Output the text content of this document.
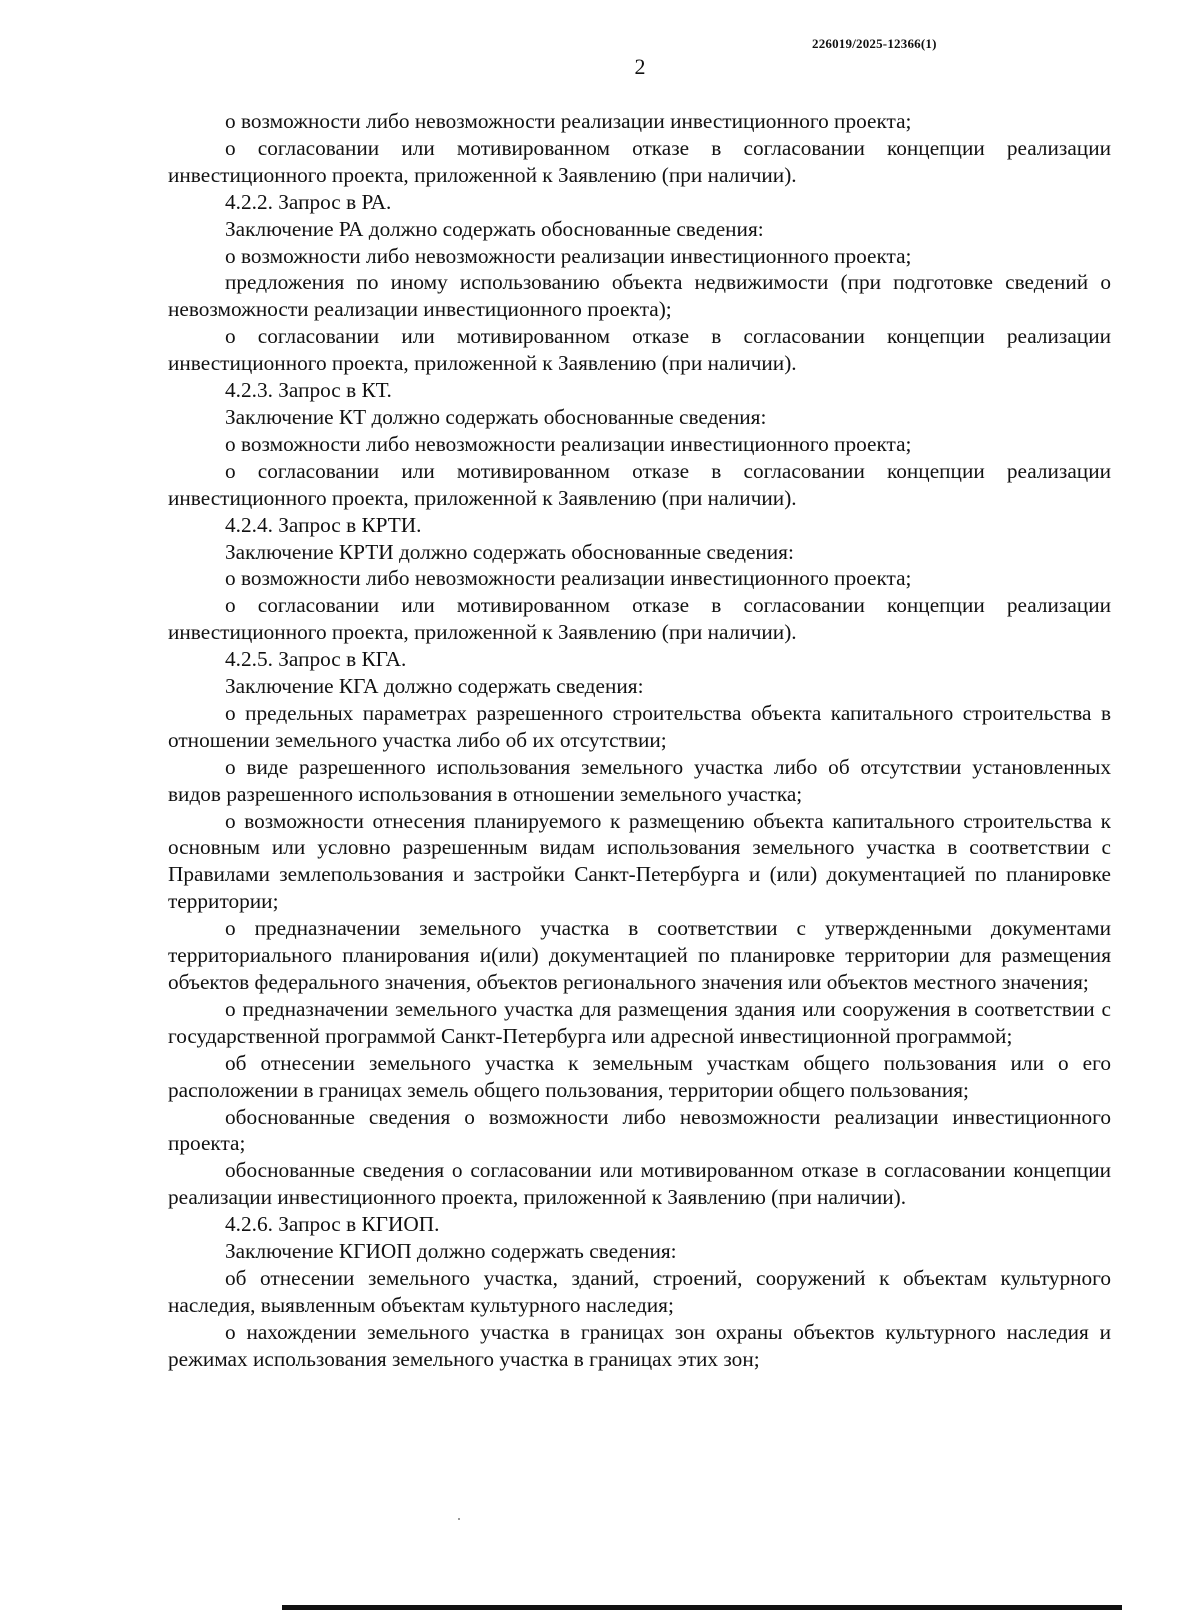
226019/2025-12366(1)
2

о возможности либо невозможности реализации инвестиционного проекта;

о согласовании или мотивированном отказе в согласовании концепции реализации инвестиционного проекта, приложенной к Заявлению (при наличии).

4.2.2. Запрос в РА.

Заключение РА должно содержать обоснованные сведения:

о возможности либо невозможности реализации инвестиционного проекта;

предложения по иному использованию объекта недвижимости (при подготовке сведений о невозможности реализации инвестиционного проекта);

о согласовании или мотивированном отказе в согласовании концепции реализации инвестиционного проекта, приложенной к Заявлению (при наличии).

4.2.3. Запрос в КТ.

Заключение КТ должно содержать обоснованные сведения:

о возможности либо невозможности реализации инвестиционного проекта;

о согласовании или мотивированном отказе в согласовании концепции реализации инвестиционного проекта, приложенной к Заявлению (при наличии).

4.2.4. Запрос в КРТИ.

Заключение КРТИ должно содержать обоснованные сведения:

о возможности либо невозможности реализации инвестиционного проекта;

о согласовании или мотивированном отказе в согласовании концепции реализации инвестиционного проекта, приложенной к Заявлению (при наличии).

4.2.5. Запрос в КГА.

Заключение КГА должно содержать сведения:

о предельных параметрах разрешенного строительства объекта капитального строительства в отношении земельного участка либо об их отсутствии;

о виде разрешенного использования земельного участка либо об отсутствии установленных видов разрешенного использования в отношении земельного участка;

о возможности отнесения планируемого к размещению объекта капитального строительства к основным или условно разрешенным видам использования земельного участка в соответствии с Правилами землепользования и застройки Санкт-Петербурга и (или) документацией по планировке территории;

о предназначении земельного участка в соответствии с утвержденными документами территориального планирования и(или) документацией по планировке территории для размещения объектов федерального значения, объектов регионального значения или объектов местного значения;

о предназначении земельного участка для размещения здания или сооружения в соответствии с государственной программой Санкт-Петербурга или адресной инвестиционной программой;

об отнесении земельного участка к земельным участкам общего пользования или о его расположении в границах земель общего пользования, территории общего пользования;

обоснованные сведения о возможности либо невозможности реализации инвестиционного проекта;

обоснованные сведения о согласовании или мотивированном отказе в согласовании концепции реализации инвестиционного проекта, приложенной к Заявлению (при наличии).

4.2.6. Запрос в КГИОП.

Заключение КГИОП должно содержать сведения:

об отнесении земельного участка, зданий, строений, сооружений к объектам культурного наследия, выявленным объектам культурного наследия;

о нахождении земельного участка в границах зон охраны объектов культурного наследия и режимах использования земельного участка в границах этих зон;
